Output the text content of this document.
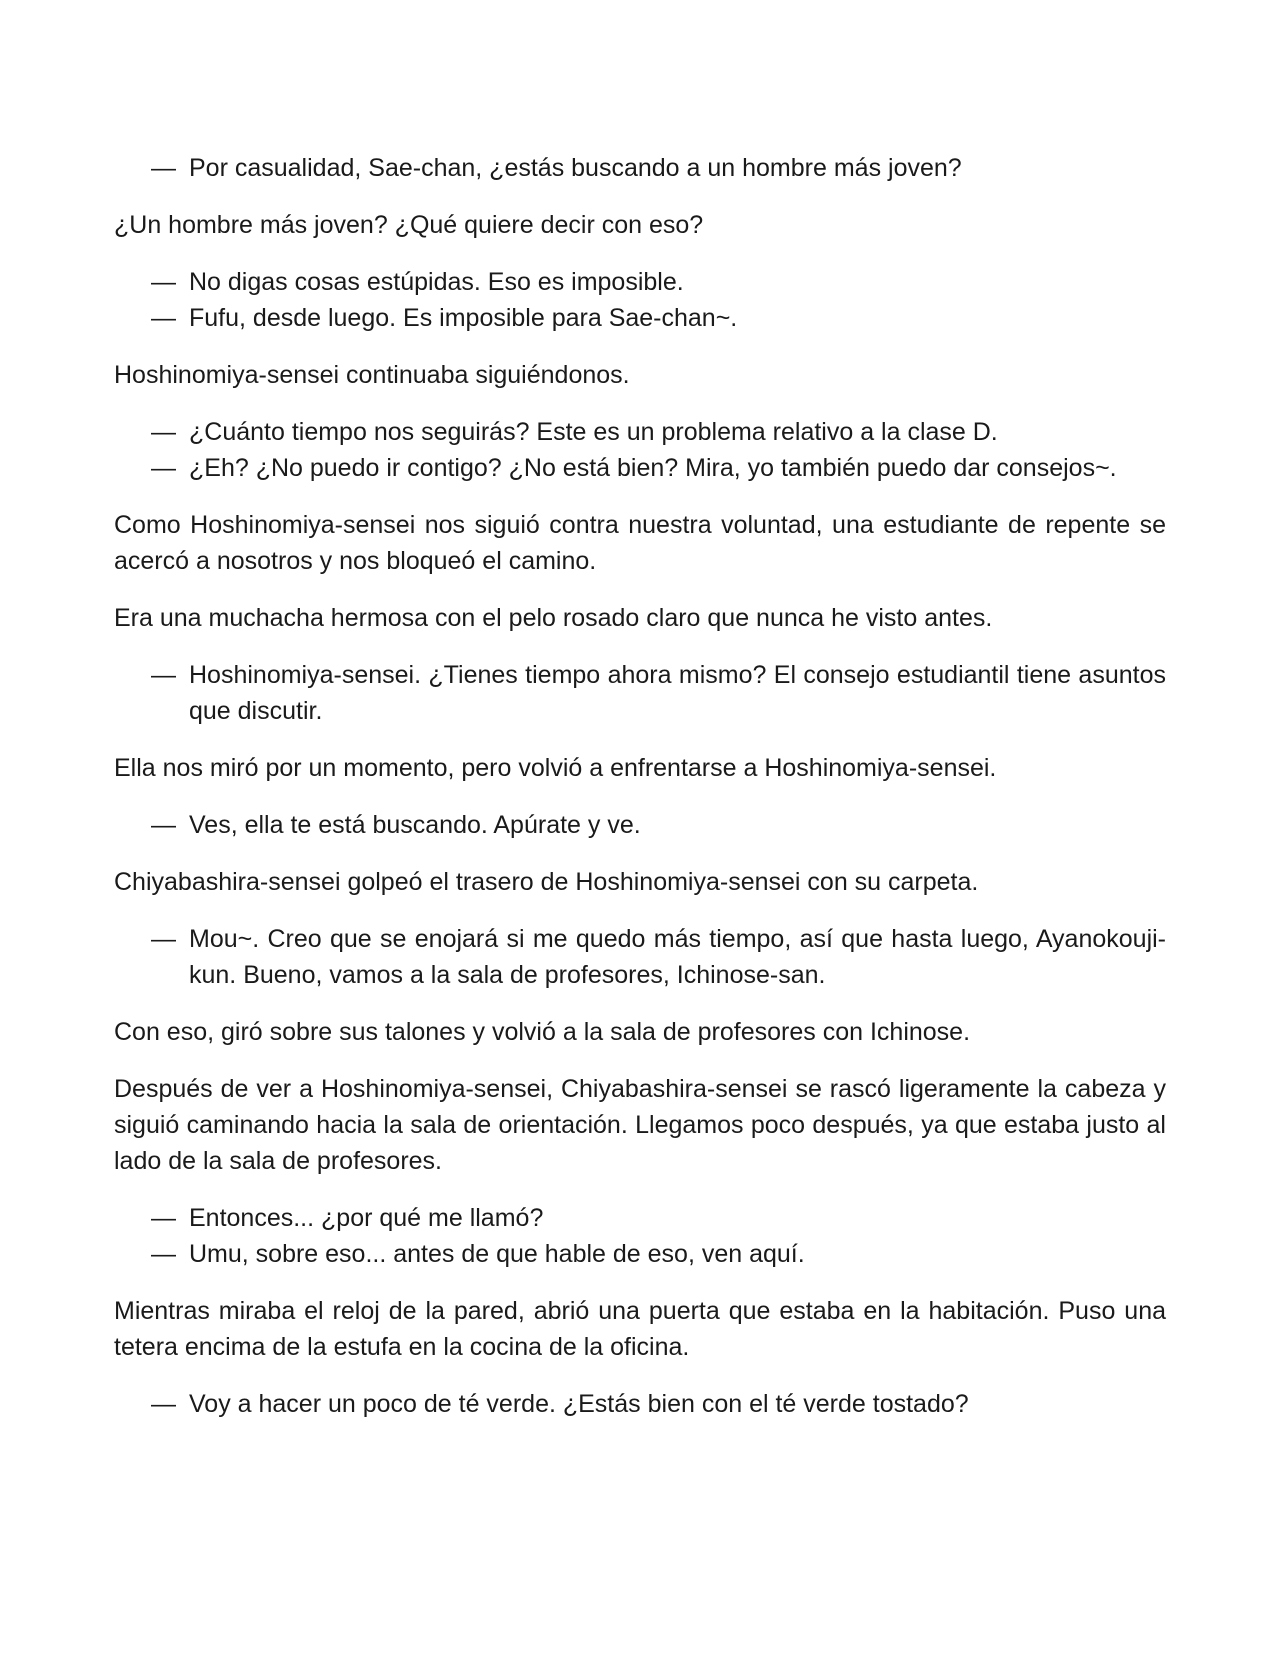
— Por casualidad, Sae-chan, ¿estás buscando a un hombre más joven?

¿Un hombre más joven? ¿Qué quiere decir con eso?

— No digas cosas estúpidas. Eso es imposible.

— Fufu, desde luego. Es imposible para Sae-chan~.

Hoshinomiya-sensei continuaba siguiéndonos.

— ¿Cuánto tiempo nos seguirás? Este es un problema relativo a la clase D.

— ¿Eh? ¿No puedo ir contigo? ¿No está bien? Mira, yo también puedo dar consejos~.

Como Hoshinomiya-sensei nos siguió contra nuestra voluntad, una estudiante de repente se acercó a nosotros y nos bloqueó el camino.

Era una muchacha hermosa con el pelo rosado claro que nunca he visto antes.

— Hoshinomiya-sensei. ¿Tienes tiempo ahora mismo? El consejo estudiantil tiene asuntos que discutir.

Ella nos miró por un momento, pero volvió a enfrentarse a Hoshinomiya-sensei.

— Ves, ella te está buscando. Apúrate y ve.

Chiyabashira-sensei golpeó el trasero de Hoshinomiya-sensei con su carpeta.

— Mou~. Creo que se enojará si me quedo más tiempo, así que hasta luego, Ayanokouji-kun. Bueno, vamos a la sala de profesores, Ichinose-san.

Con eso, giró sobre sus talones y volvió a la sala de profesores con Ichinose.

Después de ver a Hoshinomiya-sensei, Chiyabashira-sensei se rascó ligeramente la cabeza y siguió caminando hacia la sala de orientación. Llegamos poco después, ya que estaba justo al lado de la sala de profesores.

— Entonces... ¿por qué me llamó?

— Umu, sobre eso... antes de que hable de eso, ven aquí.

Mientras miraba el reloj de la pared, abrió una puerta que estaba en la habitación. Puso una tetera encima de la estufa en la cocina de la oficina.

— Voy a hacer un poco de té verde. ¿Estás bien con el té verde tostado?
